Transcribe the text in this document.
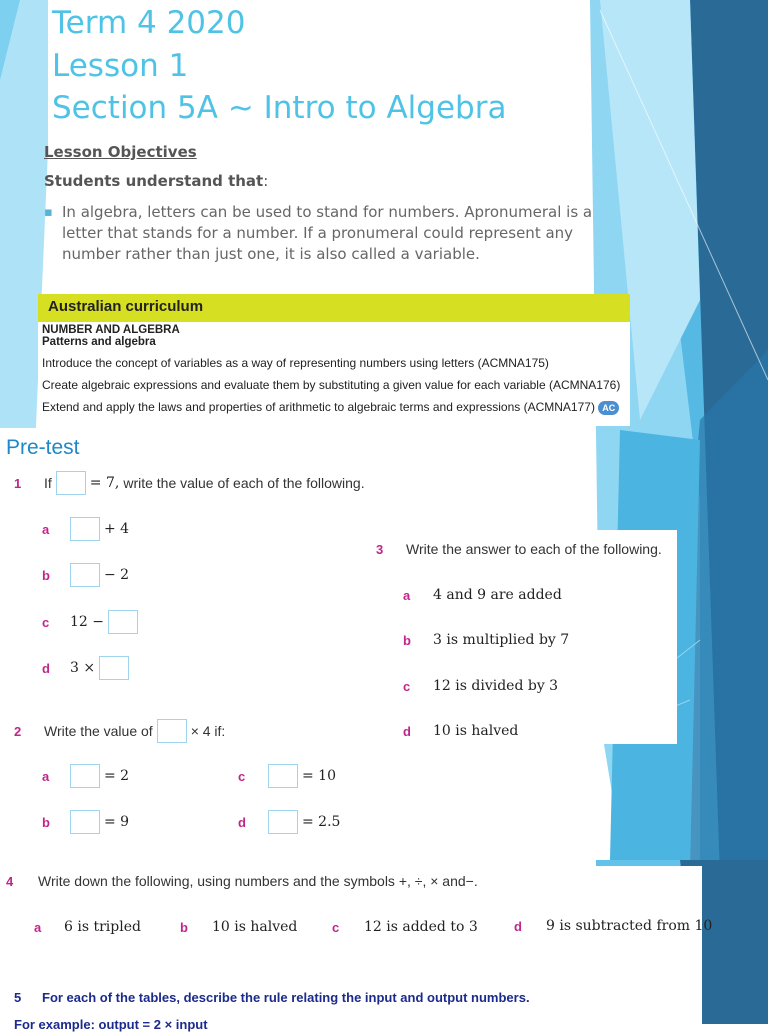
Term 4 2020
Lesson 1
Section 5A ~ Intro to Algebra
Lesson Objectives
Students understand that:
▪ In algebra, letters can be used to stand for numbers. Apronumeral is a letter that stands for a number. If a pronumeral could represent any number rather than just one, it is also called a variable.
Australian curriculum
NUMBER AND ALGEBRA
Patterns and algebra
Introduce the concept of variables as a way of representing numbers using letters (ACMNA175)
Create algebraic expressions and evaluate them by substituting a given value for each variable (ACMNA176)
Extend and apply the laws and properties of arithmetic to algebraic terms and expressions (ACMNA177) AC
Pre-test
1	If	= 7, write the value of each of the following.
a	+ 4
b	− 2
c	12 −
d	3 ×
2	Write the value of	× 4 if:
a	= 2
b	= 9
c	= 10
d	= 2.5
3	Write the answer to each of the following.
a	4 and 9 are added
b	3 is multiplied by 7
c	12 is divided by 3
d	10 is halved
4	Write down the following, using numbers and the symbols +, ÷, × and−.
a	6 is tripled	b	10 is halved	c	12 is added to 3	d	9 is subtracted from 10
5 For each of the tables, describe the rule relating the input and output numbers.
For example: output = 2 × input
